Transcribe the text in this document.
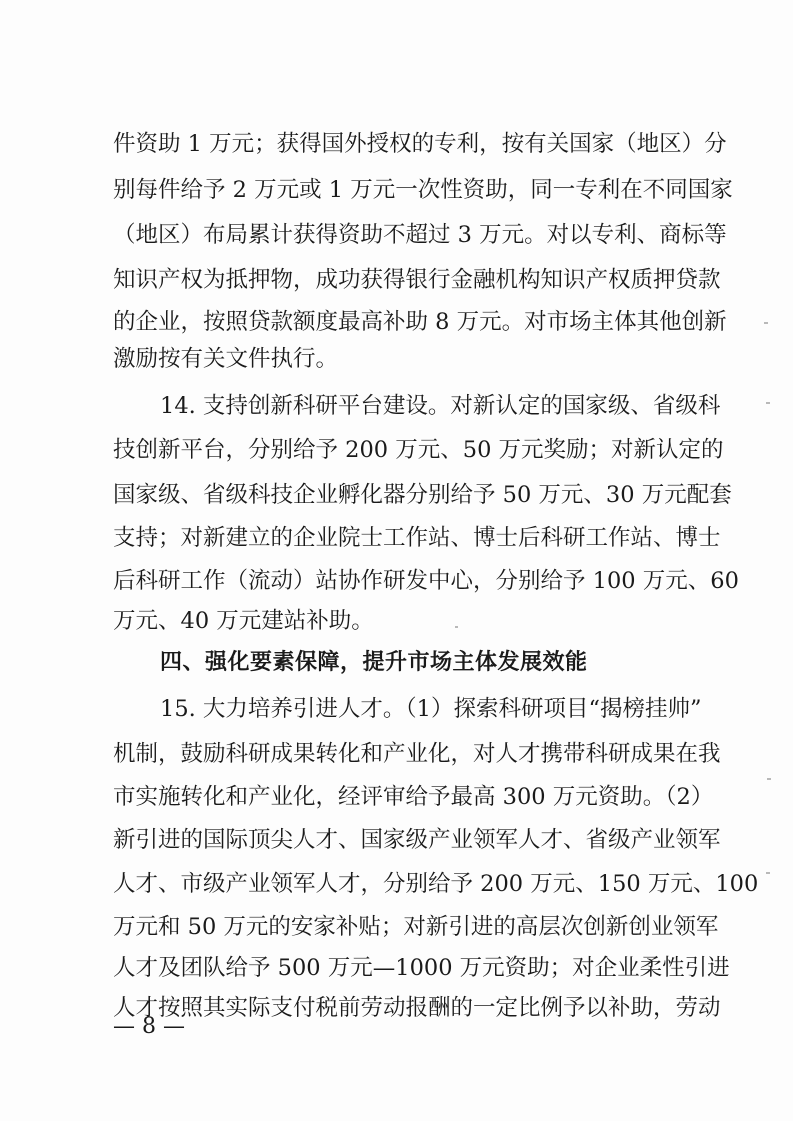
件资助 1 万元；获得国外授权的专利，按有关国家（地区）分
别每件给予 2 万元或 1 万元一次性资助，同一专利在不同国家
（地区）布局累计获得资助不超过 3 万元。对以专利、商标等
知识产权为抵押物，成功获得银行金融机构知识产权质押贷款
的企业，按照贷款额度最高补助 8 万元。对市场主体其他创新
激励按有关文件执行。
14. 支持创新科研平台建设。对新认定的国家级、省级科
技创新平台，分别给予 200 万元、50 万元奖励；对新认定的
国家级、省级科技企业孵化器分别给予 50 万元、30 万元配套
支持；对新建立的企业院士工作站、博士后科研工作站、博士
后科研工作（流动）站协作研发中心，分别给予 100 万元、60
万元、40 万元建站补助。
四、强化要素保障，提升市场主体发展效能
15. 大力培养引进人才。（1）探索科研项目“揭榜挂帅”
机制，鼓励科研成果转化和产业化，对人才携带科研成果在我
市实施转化和产业化，经评审给予最高 300 万元资助。（2）
新引进的国际顶尖人才、国家级产业领军人才、省级产业领军
人才、市级产业领军人才，分别给予 200 万元、150 万元、100
万元和 50 万元的安家补贴；对新引进的高层次创新创业领军
人才及团队给予 500 万元—1000 万元资助；对企业柔性引进
人才按照其实际支付税前劳动报酬的一定比例予以补助，劳动
— 8 —
